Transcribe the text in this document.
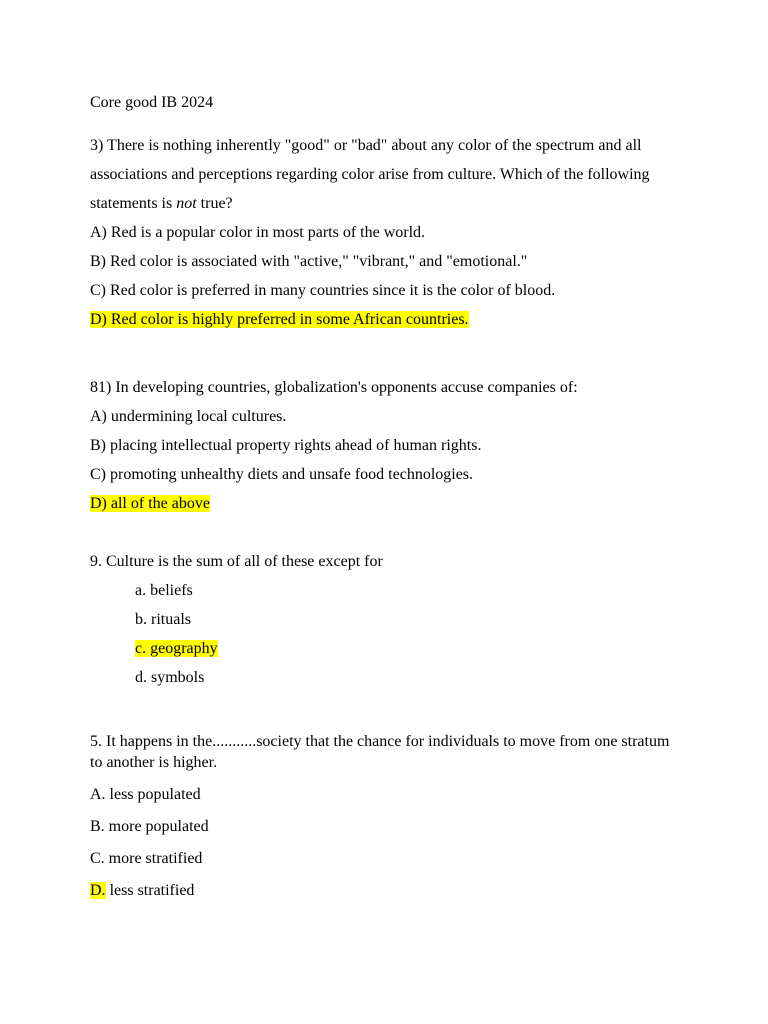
Core good IB 2024
3) There is nothing inherently "good" or "bad" about any color of the spectrum and all
associations and perceptions regarding color arise from culture. Which of the following
statements is not true?
A) Red is a popular color in most parts of the world.
B) Red color is associated with "active," "vibrant," and "emotional."
C) Red color is preferred in many countries since it is the color of blood.
D) Red color is highly preferred in some African countries.
81) In developing countries, globalization's opponents accuse companies of:
A) undermining local cultures.
B) placing intellectual property rights ahead of human rights.
C) promoting unhealthy diets and unsafe food technologies.
D) all of the above
9. Culture is the sum of all of these except for
a. beliefs
b. rituals
c. geography
d. symbols
5. It happens in the...........society that the chance for individuals to move from one stratum to another is higher.
A. less populated
B. more populated
C. more stratified
D. less stratified
